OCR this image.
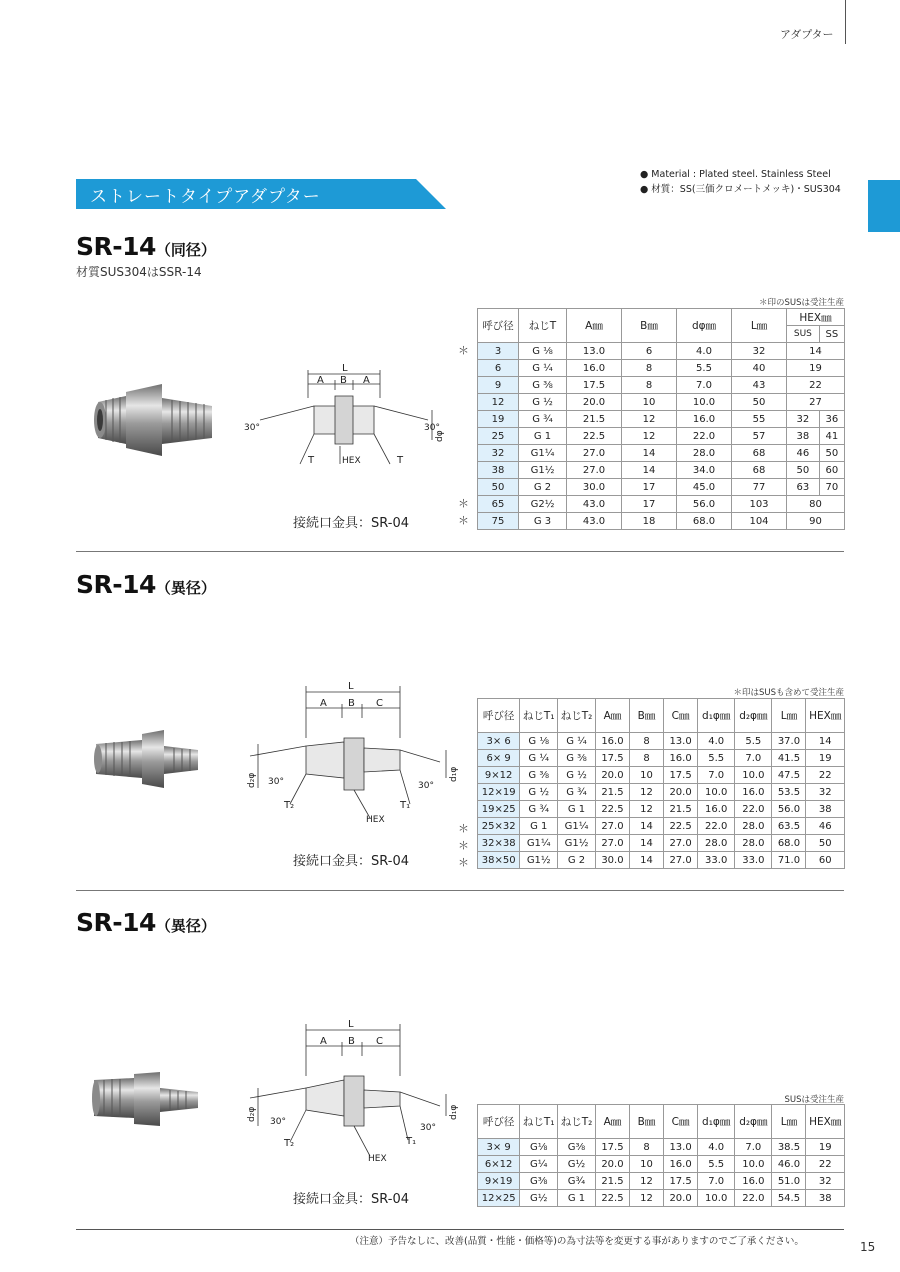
アダプター
ストレートタイプアダプター
● Material : Plated steel. Stainless Steel
● 材質：SS(三価クロメートメッキ)・SUS304
SR-14（同径）
材質SUS304はSSR-14
L
A B A
30°	30°
T	HEX	T
dφ
接続口金具：SR-04
＊印のSUSは受注生産
＊
＊
＊
呼び径	ねじT	A㎜	B㎜	dφ㎜	L㎜	HEX㎜	
						SUS	SS
3	G ⅛	13.0	6	4.0	32	14	
6	G ¼	16.0	8	5.5	40	19	
9	G ⅜	17.5	8	7.0	43	22	
12	G ½	20.0	10	10.0	50	27	
19	G ¾	21.5	12	16.0	55	32	36
25	G 1	22.5	12	22.0	57	38	41
32	G1¼	27.0	14	28.0	68	46	50
38	G1½	27.0	14	34.0	68	50	60
50	G 2	30.0	17	45.0	77	63	70
65	G2½	43.0	17	56.0	103	80	
75	G 3	43.0	18	68.0	104	90	
SR-14（異径）
L
A B C
30°	30°
T₂	T₁
HEX
d₂φ	d₁φ
接続口金具：SR-04
＊印はSUSも含めて受注生産
＊
＊
＊
呼び径	ねじT₁	ねじT₂	A㎜	B㎜	C㎜	d₁φ㎜	d₂φ㎜	L㎜	HEX㎜
3× 6	G ⅛	G ¼	16.0	8	13.0	4.0	5.5	37.0	14
6× 9	G ¼	G ⅜	17.5	8	16.0	5.5	7.0	41.5	19
9×12	G ⅜	G ½	20.0	10	17.5	7.0	10.0	47.5	22
12×19	G ½	G ¾	21.5	12	20.0	10.0	16.0	53.5	32
19×25	G ¾	G 1	22.5	12	21.5	16.0	22.0	56.0	38
25×32	G 1	G1¼	27.0	14	22.5	22.0	28.0	63.5	46
32×38	G1¼	G1½	27.0	14	27.0	28.0	28.0	68.0	50
38×50	G1½	G 2	30.0	14	27.0	33.0	33.0	71.0	60
SR-14（異径）
L
A B C
30°
30°
T₂	T₁
HEX
d₂φ	d₁φ
接続口金具：SR-04
SUSは受注生産
呼び径	ねじT₁	ねじT₂	A㎜	B㎜	C㎜	d₁φ㎜	d₂φ㎜	L㎜	HEX㎜
3× 9	G⅛	G⅜	17.5	8	13.0	4.0	7.0	38.5	19
6×12	G¼	G½	20.0	10	16.0	5.5	10.0	46.0	22
9×19	G⅜	G¾	21.5	12	17.5	7.0	16.0	51.0	32
12×25	G½	G 1	22.5	12	20.0	10.0	22.0	54.5	38
（注意）予告なしに、改善(品質・性能・価格等)の為寸法等を変更する事がありますのでご了承ください。	15
